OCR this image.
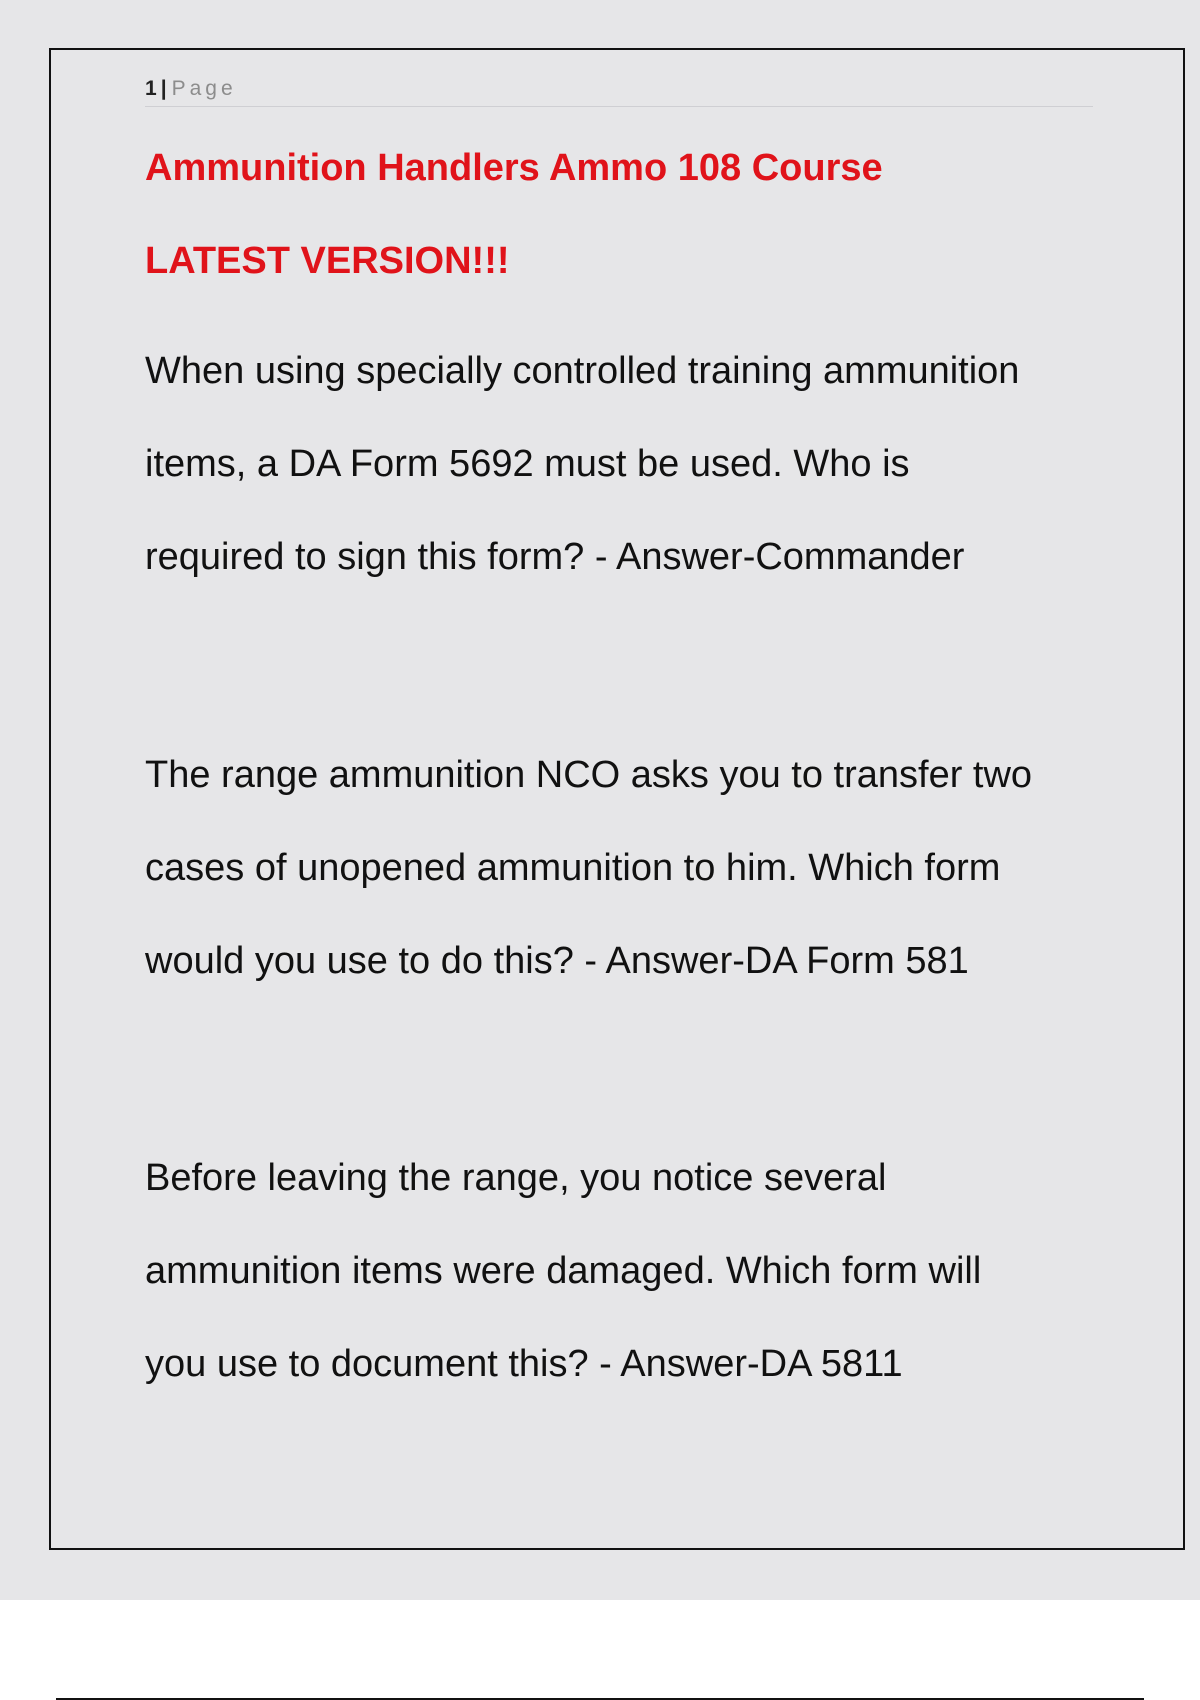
1 | Page
Ammunition Handlers Ammo 108 Course
LATEST VERSION!!!
When using specially controlled training ammunition
items, a DA Form 5692 must be used. Who is
required to sign this form? - Answer-Commander
The range ammunition NCO asks you to transfer two
cases of unopened ammunition to him. Which form
would you use to do this? - Answer-DA Form 581
Before leaving the range, you notice several
ammunition items were damaged. Which form will
you use to document this? - Answer-DA 5811
